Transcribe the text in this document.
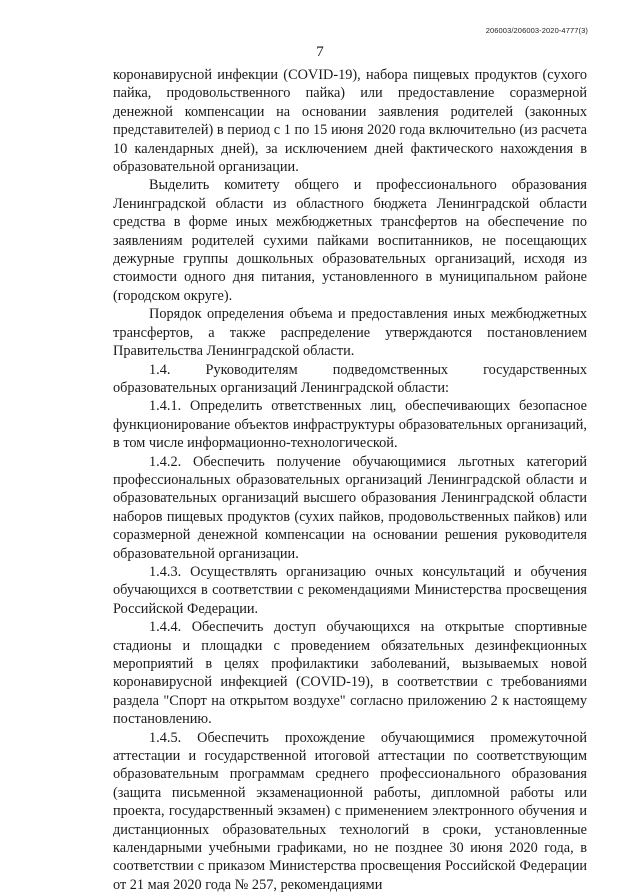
206003/206003-2020-4777(3)
7

коронавирусной инфекции (COVID-19), набора пищевых продуктов (сухого пайка, продовольственного пайка) или предоставление соразмерной денежной компенсации на основании заявления родителей (законных представителей) в период с 1 по 15 июня 2020 года включительно (из расчета 10 календарных дней), за исключением дней фактического нахождения в образовательной организации.

Выделить комитету общего и профессионального образования Ленинградской области из областного бюджета Ленинградской области средства в форме иных межбюджетных трансфертов на обеспечение по заявлениям родителей сухими пайками воспитанников, не посещающих дежурные группы дошкольных образовательных организаций, исходя из стоимости одного дня питания, установленного в муниципальном районе (городском округе).

Порядок определения объема и предоставления иных межбюджетных трансфертов, а также распределение утверждаются постановлением Правительства Ленинградской области.

1.4. Руководителям подведомственных государственных образовательных организаций Ленинградской области:

1.4.1. Определить ответственных лиц, обеспечивающих безопасное функционирование объектов инфраструктуры образовательных организаций, в том числе информационно-технологической.

1.4.2. Обеспечить получение обучающимися льготных категорий профессиональных образовательных организаций Ленинградской области и образовательных организаций высшего образования Ленинградской области наборов пищевых продуктов (сухих пайков, продовольственных пайков) или соразмерной денежной компенсации на основании решения руководителя образовательной организации.

1.4.3. Осуществлять организацию очных консультаций и обучения обучающихся в соответствии с рекомендациями Министерства просвещения Российской Федерации.

1.4.4. Обеспечить доступ обучающихся на открытые спортивные стадионы и площадки с проведением обязательных дезинфекционных мероприятий в целях профилактики заболеваний, вызываемых новой коронавирусной инфекцией (COVID-19), в соответствии с требованиями раздела "Спорт на открытом воздухе" согласно приложению 2 к настоящему постановлению.

1.4.5. Обеспечить прохождение обучающимися промежуточной аттестации и государственной итоговой аттестации по соответствующим образовательным программам среднего профессионального образования (защита письменной экзаменационной работы, дипломной работы или проекта, государственный экзамен) с применением электронного обучения и дистанционных образовательных технологий в сроки, установленные календарными учебными графиками, но не позднее 30 июня 2020 года, в соответствии с приказом Министерства просвещения Российской Федерации от 21 мая 2020 года № 257, рекомендациями
